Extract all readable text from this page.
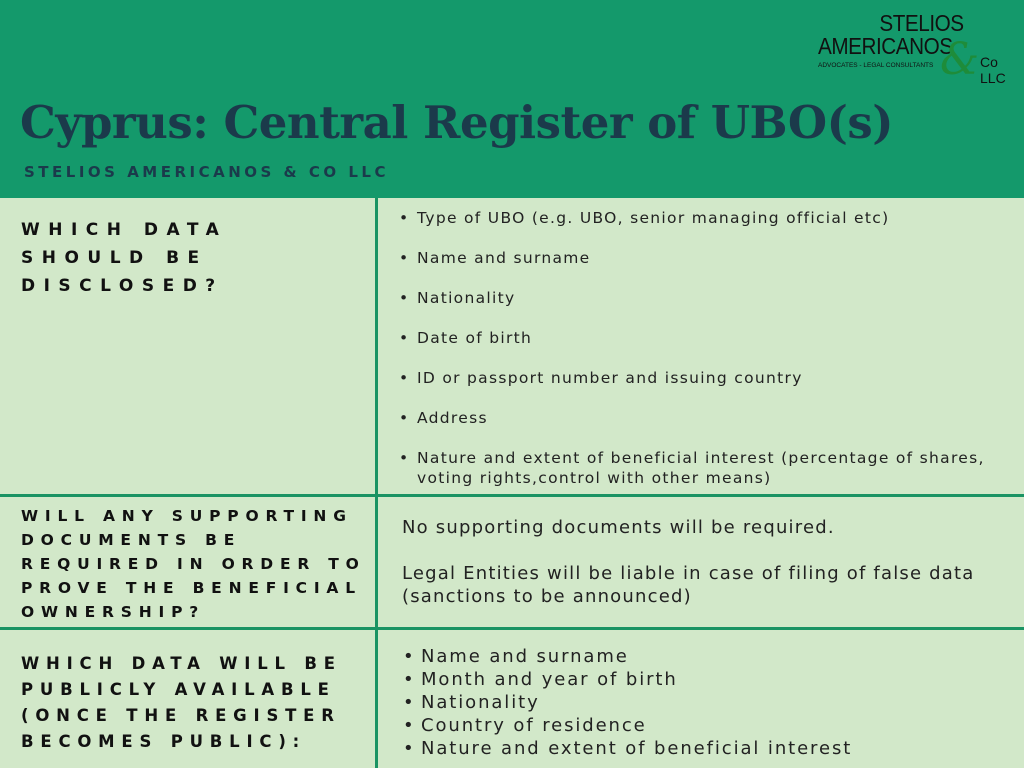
Cyprus: Central Register of UBO(s)
STELIOS AMERICANOS & CO LLC
STELIOS
AMERICANOS
ADVOCATES - LEGAL CONSULTANTS & Co LLC

WHICH DATA SHOULD BE DISCLOSED?

• Type of UBO (e.g. UBO, senior managing official etc)
• Name and surname
• Nationality
• Date of birth
• ID or passport number and issuing country
• Address
• Nature and extent of beneficial interest (percentage of shares, voting rights,control with other means)

WILL ANY SUPPORTING DOCUMENTS BE REQUIRED IN ORDER TO PROVE THE BENEFICIAL OWNERSHIP?

No supporting documents will be required.

Legal Entities will be liable in case of filing of false data (sanctions to be announced)

WHICH DATA WILL BE PUBLICLY AVAILABLE (ONCE THE REGISTER BECOMES PUBLIC):

• Name and surname
• Month and year of birth
• Nationality
• Country of residence
• Nature and extent of beneficial interest
